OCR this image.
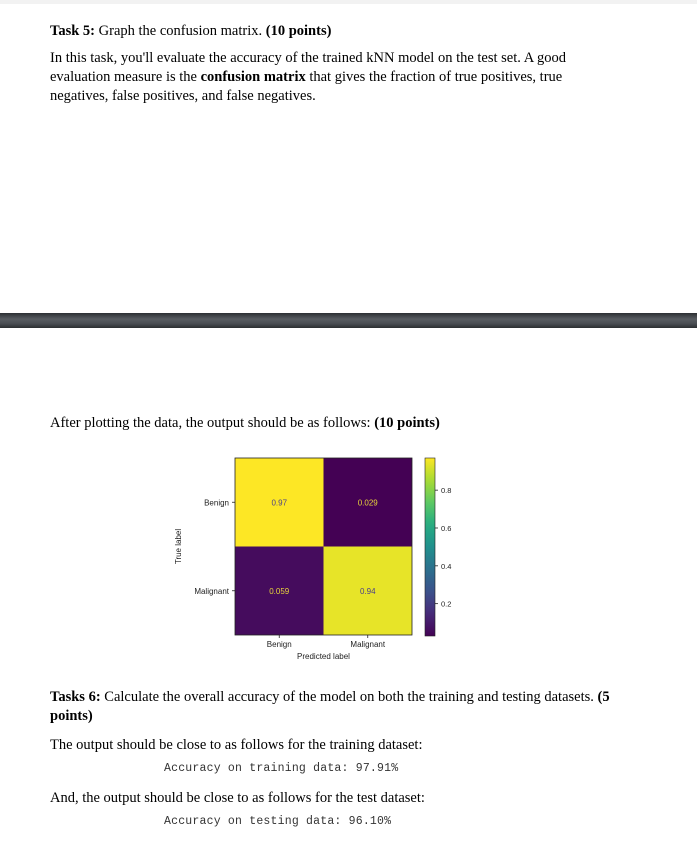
Task 5: Graph the confusion matrix. (10 points)

In this task, you'll evaluate the accuracy of the trained kNN model on the test set. A good evaluation measure is the confusion matrix that gives the fraction of true positives, true negatives, false positives, and false negatives.

After plotting the data, the output should be as follows: (10 points)

0.97	0.029
0.059	0.94
Benign
Malignant
Benign	Malignant
Predicted label
True label
0.2
0.4
0.6
0.8

Tasks 6: Calculate the overall accuracy of the model on both the training and testing datasets. (5 points)

The output should be close to as follows for the training dataset:

Accuracy on training data: 97.91%

And, the output should be close to as follows for the test dataset:

Accuracy on testing data: 96.10%
